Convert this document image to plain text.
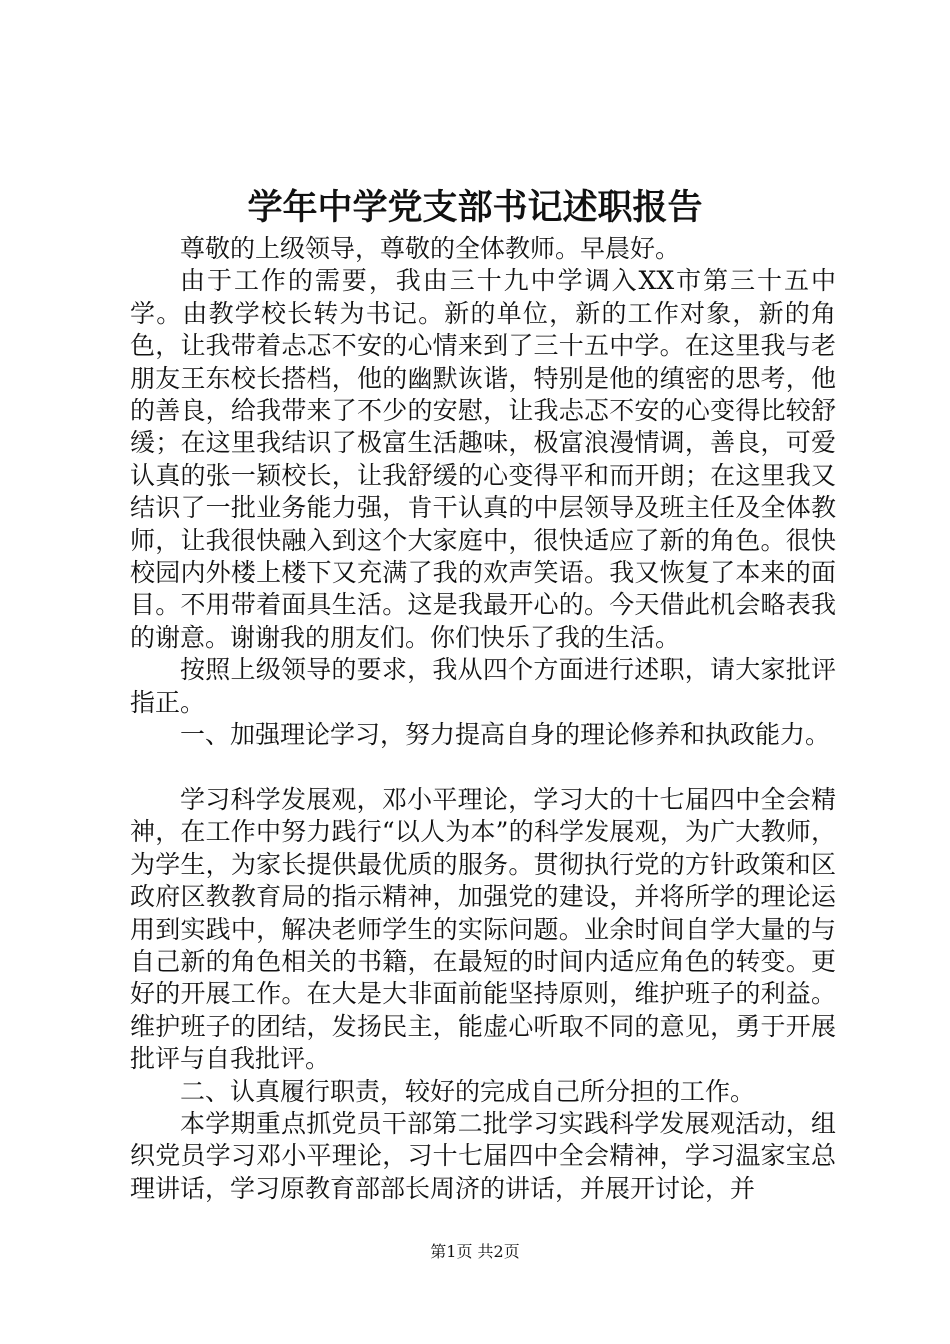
学年中学党支部书记述职报告

尊敬的上级领导，尊敬的全体教师。早晨好。

由于工作的需要，我由三十九中学调入XX市第三十五中学。由教学校长转为书记。新的单位，新的工作对象，新的角色，让我带着忐忑不安的心情来到了三十五中学。在这里我与老朋友王东校长搭档，他的幽默诙谐，特别是他的缜密的思考，他的善良，给我带来了不少的安慰，让我忐忑不安的心变得比较舒缓；在这里我结识了极富生活趣味，极富浪漫情调，善良，可爱认真的张一颖校长，让我舒缓的心变得平和而开朗；在这里我又结识了一批业务能力强，肯干认真的中层领导及班主任及全体教师，让我很快融入到这个大家庭中，很快适应了新的角色。很快校园内外楼上楼下又充满了我的欢声笑语。我又恢复了本来的面目。不用带着面具生活。这是我最开心的。今天借此机会略表我的谢意。谢谢我的朋友们。你们快乐了我的生活。

按照上级领导的要求，我从四个方面进行述职，请大家批评指正。

一、加强理论学习，努力提高自身的理论修养和执政能力。

学习科学发展观，邓小平理论，学习大的十七届四中全会精神，在工作中努力践行“以人为本”的科学发展观，为广大教师，为学生，为家长提供最优质的服务。贯彻执行党的方针政策和区政府区教教育局的指示精神，加强党的建设，并将所学的理论运用到实践中，解决老师学生的实际问题。业余时间自学大量的与自己新的角色相关的书籍，在最短的时间内适应角色的转变。更好的开展工作。在大是大非面前能坚持原则，维护班子的利益。维护班子的团结，发扬民主，能虚心听取不同的意见，勇于开展批评与自我批评。

二、认真履行职责，较好的完成自己所分担的工作。

本学期重点抓党员干部第二批学习实践科学发展观活动，组织党员学习邓小平理论，习十七届四中全会精神，学习温家宝总理讲话，学习原教育部部长周济的讲话，并展开讨论，并

第1页 共2页
